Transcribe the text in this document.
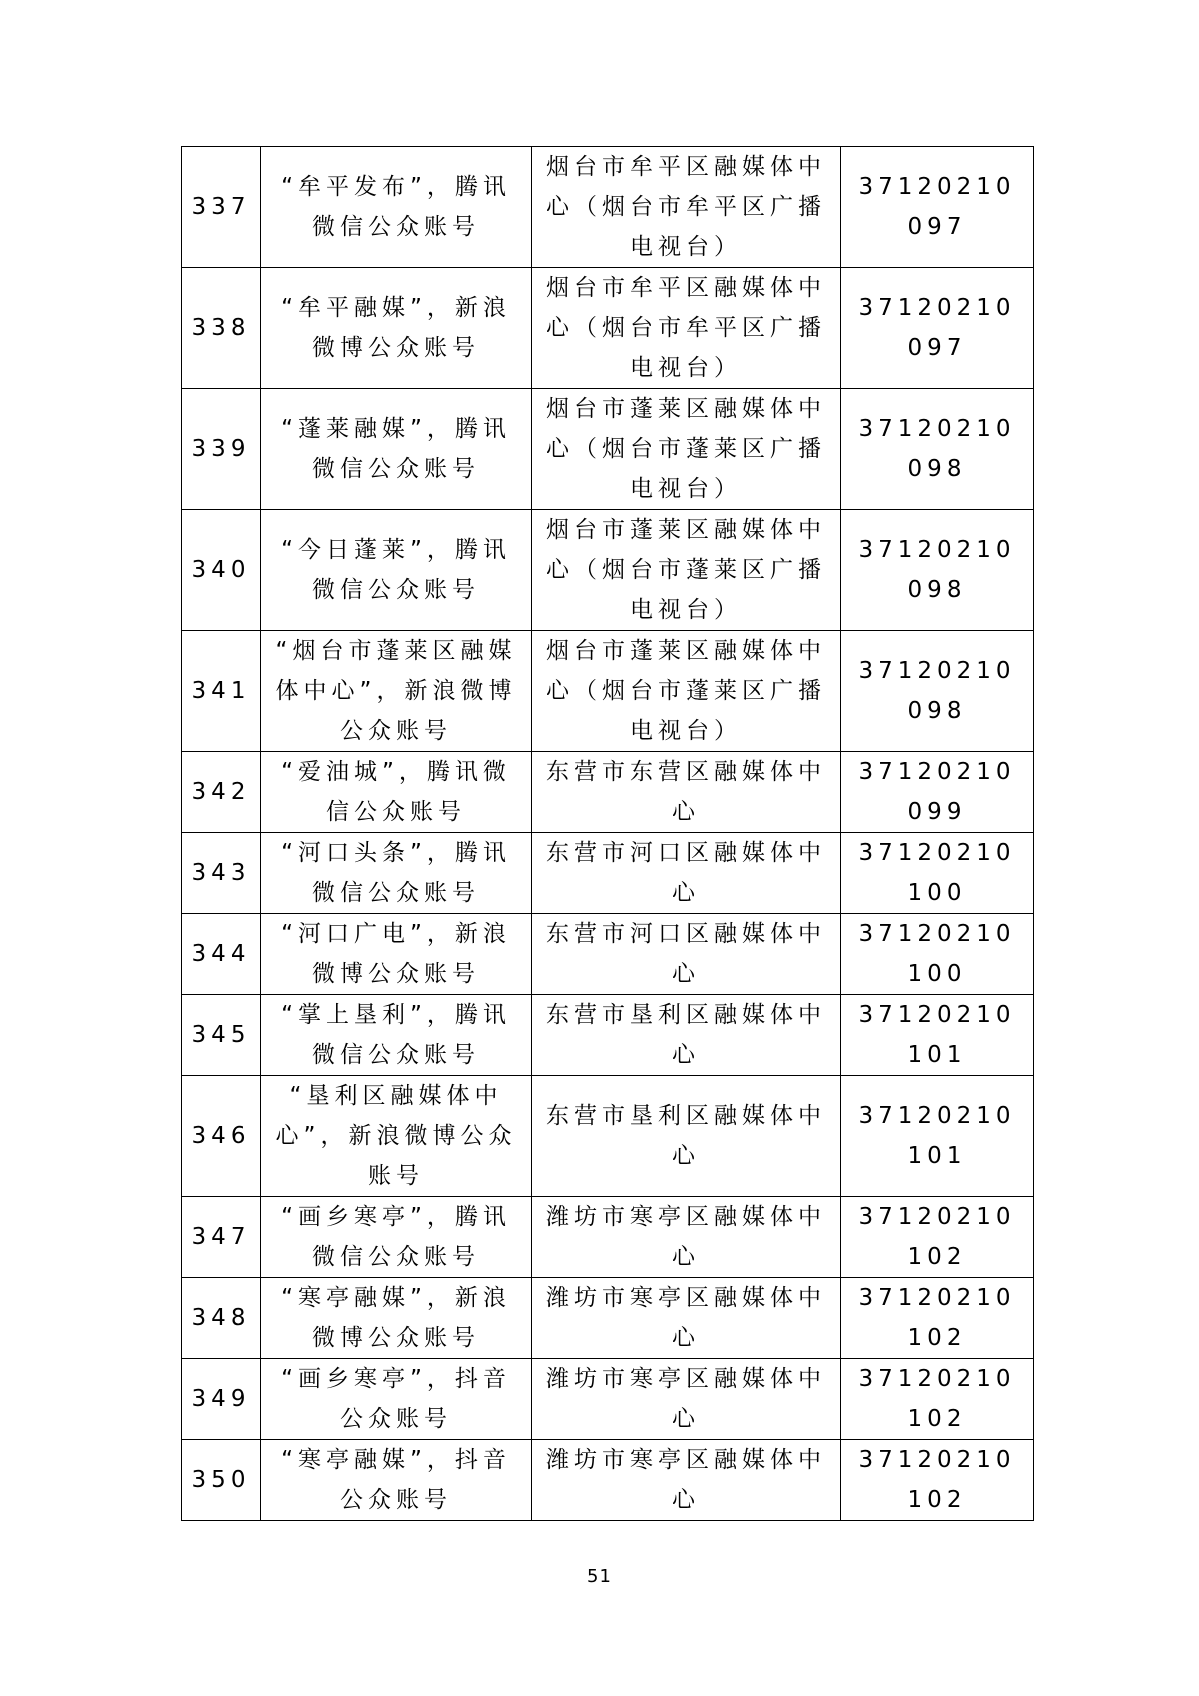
337	“牟平发布”，腾讯微信公众账号	烟台市牟平区融媒体中心（烟台市牟平区广播电视台）	37120210097
338	“牟平融媒”，新浪微博公众账号	烟台市牟平区融媒体中心（烟台市牟平区广播电视台）	37120210097
339	“蓬莱融媒”，腾讯微信公众账号	烟台市蓬莱区融媒体中心（烟台市蓬莱区广播电视台）	37120210098
340	“今日蓬莱”，腾讯微信公众账号	烟台市蓬莱区融媒体中心（烟台市蓬莱区广播电视台）	37120210098
341	“烟台市蓬莱区融媒体中心”，新浪微博公众账号	烟台市蓬莱区融媒体中心（烟台市蓬莱区广播电视台）	37120210098
342	“爱油城”，腾讯微信公众账号	东营市东营区融媒体中心	37120210099
343	“河口头条”，腾讯微信公众账号	东营市河口区融媒体中心	37120210100
344	“河口广电”，新浪微博公众账号	东营市河口区融媒体中心	37120210100
345	“掌上垦利”，腾讯微信公众账号	东营市垦利区融媒体中心	37120210101
346	“垦利区融媒体中心”，新浪微博公众账号	东营市垦利区融媒体中心	37120210101
347	“画乡寒亭”，腾讯微信公众账号	潍坊市寒亭区融媒体中心	37120210102
348	“寒亭融媒”，新浪微博公众账号	潍坊市寒亭区融媒体中心	37120210102
349	“画乡寒亭”，抖音公众账号	潍坊市寒亭区融媒体中心	37120210102
350	“寒亭融媒”，抖音公众账号	潍坊市寒亭区融媒体中心	37120210102
51
